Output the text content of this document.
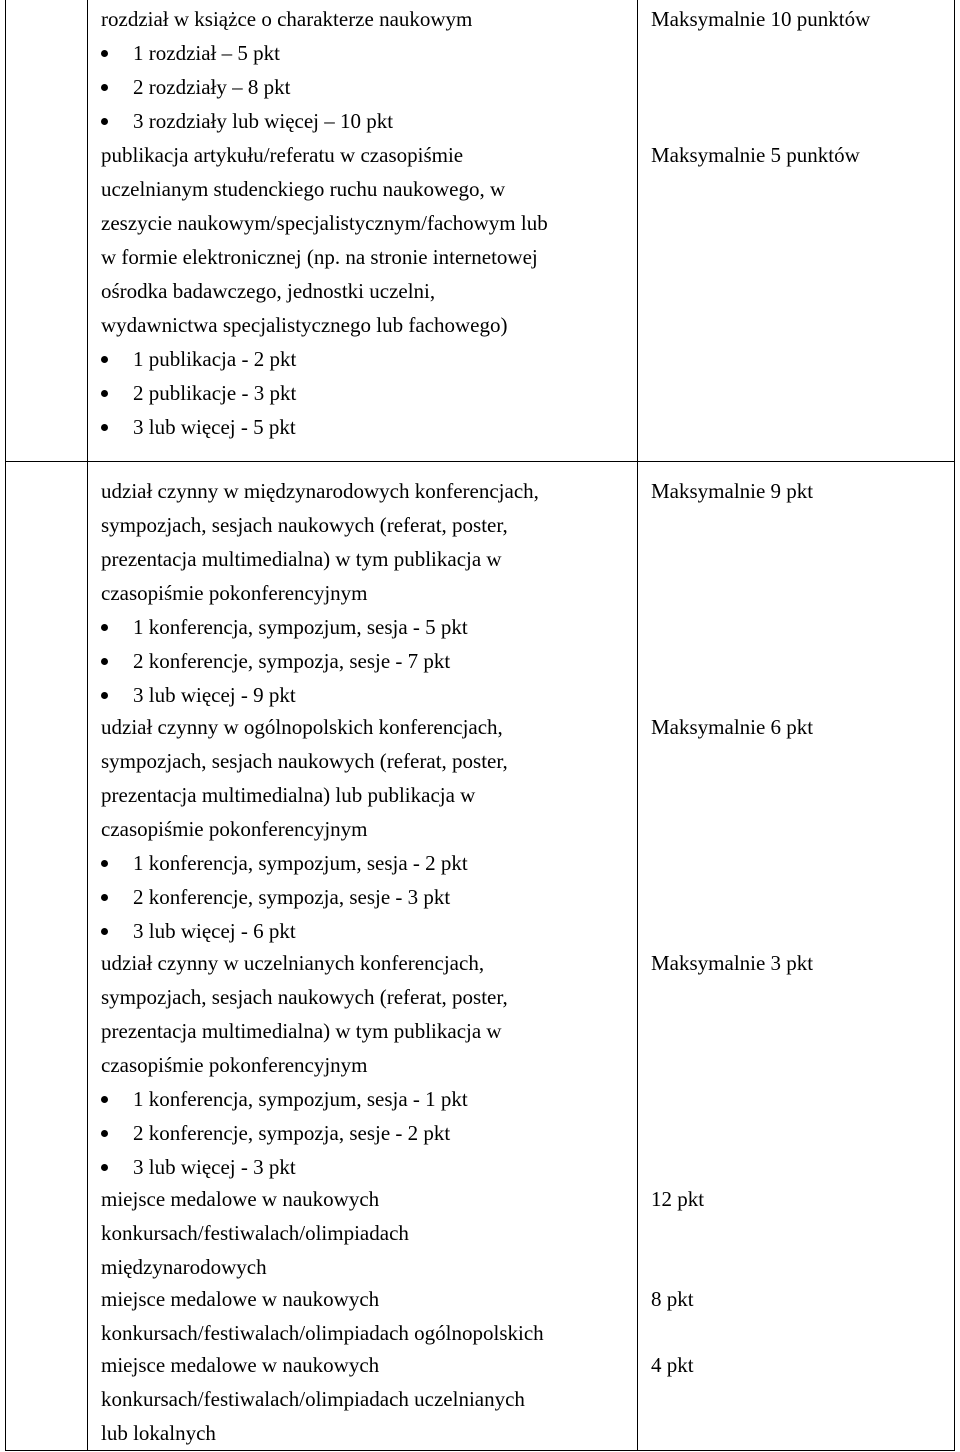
rozdział w książce o charakterze naukowym
1 rozdział – 5 pkt
2 rozdziały – 8 pkt
3 rozdziały lub więcej – 10 pkt
publikacja artykułu/referatu w czasopiśmie
uczelnianym studenckiego ruchu naukowego, w
zeszycie naukowym/specjalistycznym/fachowym lub
w formie elektronicznej (np. na stronie internetowej
ośrodka badawczego, jednostki uczelni,
wydawnictwa specjalistycznego lub fachowego)
1 publikacja - 2 pkt
2 publikacje - 3 pkt
3 lub więcej - 5 pkt
udział czynny w międzynarodowych konferencjach,
sympozjach, sesjach naukowych (referat, poster,
prezentacja multimedialna) w tym publikacja w
czasopiśmie pokonferencyjnym
1 konferencja, sympozjum, sesja - 5 pkt
2 konferencje, sympozja, sesje - 7 pkt
3 lub więcej - 9 pkt
udział czynny w ogólnopolskich konferencjach,
sympozjach, sesjach naukowych (referat, poster,
prezentacja multimedialna) lub publikacja w
czasopiśmie pokonferencyjnym
1 konferencja, sympozjum, sesja - 2 pkt
2 konferencje, sympozja, sesje - 3 pkt
3 lub więcej - 6 pkt
udział czynny w uczelnianych konferencjach,
sympozjach, sesjach naukowych (referat, poster,
prezentacja multimedialna) w tym publikacja w
czasopiśmie pokonferencyjnym
1 konferencja, sympozjum, sesja - 1 pkt
2 konferencje, sympozja, sesje - 2 pkt
3 lub więcej - 3 pkt
miejsce medalowe w naukowych
konkursach/festiwalach/olimpiadach
międzynarodowych
miejsce medalowe w naukowych
konkursach/festiwalach/olimpiadach ogólnopolskich
miejsce medalowe w naukowych
konkursach/festiwalach/olimpiadach uczelnianych
lub lokalnych
Maksymalnie 10 punktów
Maksymalnie 5 punktów
Maksymalnie 9 pkt
Maksymalnie 6 pkt
Maksymalnie 3 pkt
12 pkt
8 pkt
4 pkt
